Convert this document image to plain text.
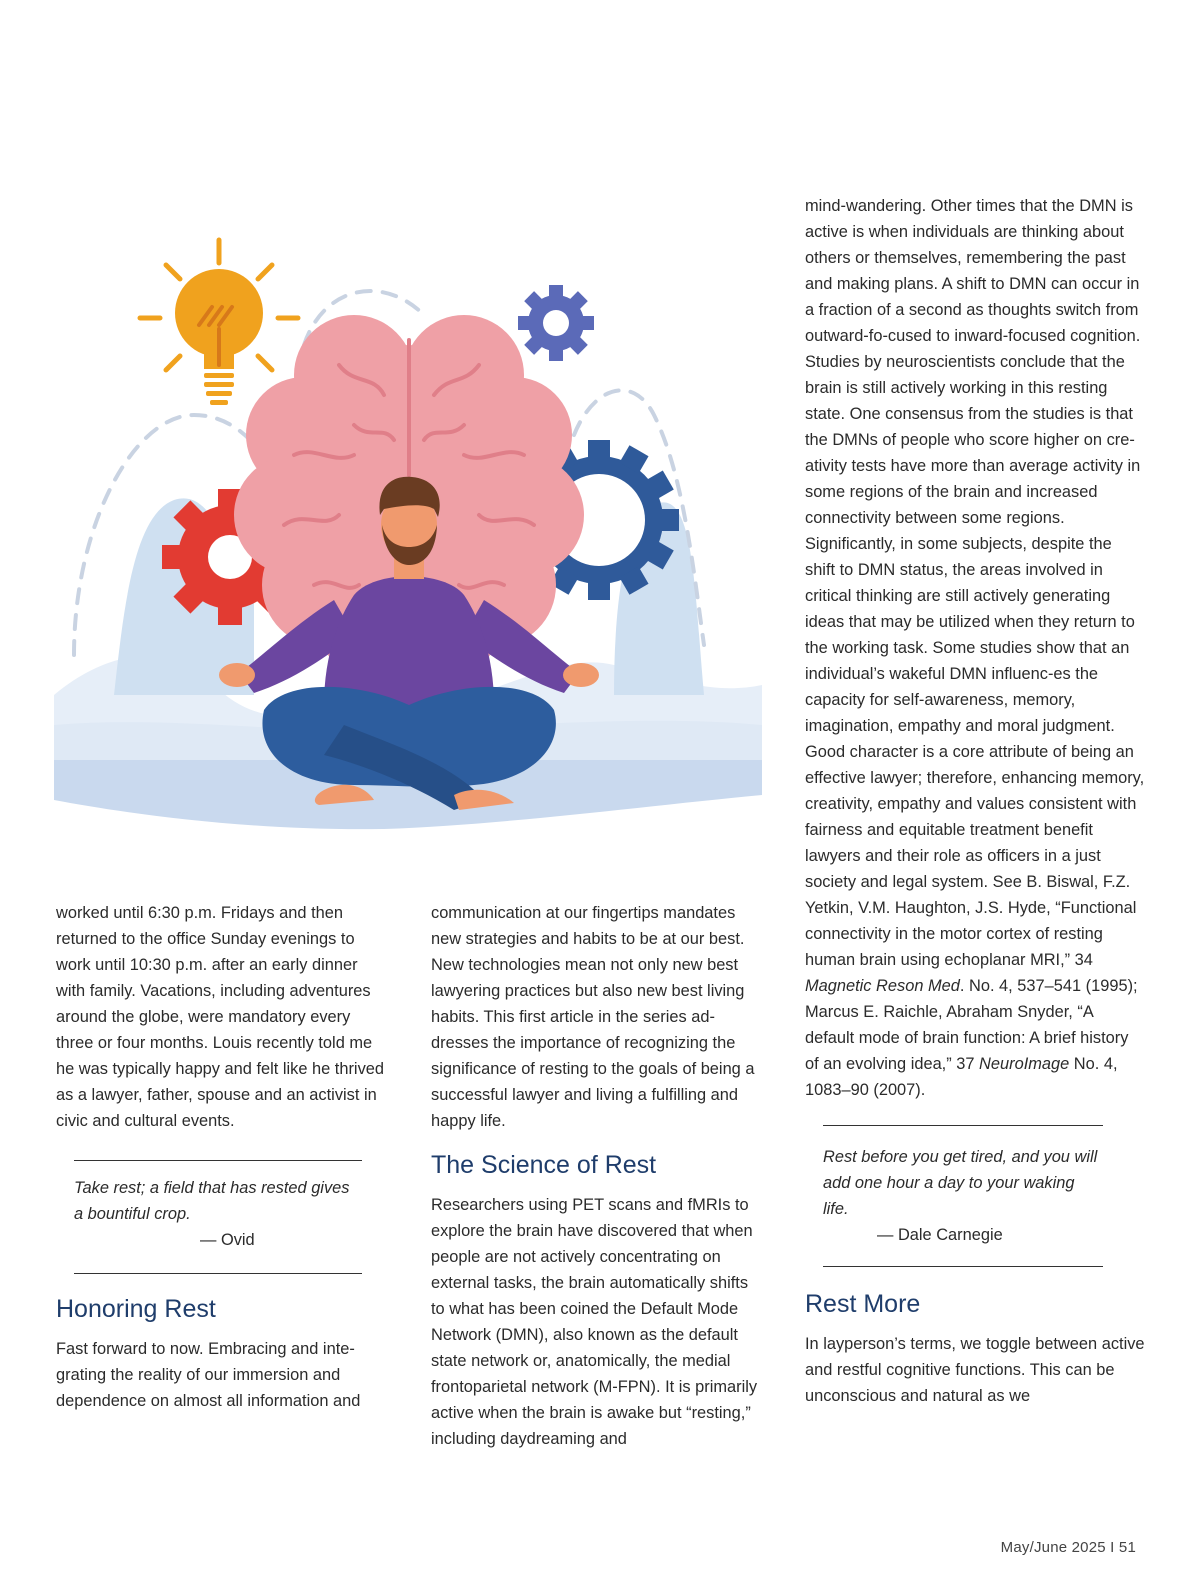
worked until 6:30 p.m. Fridays and then returned to the office Sunday evenings to work until 10:30 p.m. after an early dinner with family. Vacations, including adventures around the globe, were mandatory every three or four months. Louis recently told me he was typically happy and felt like he thrived as a lawyer, father, spouse and an activist in civic and cultural events.

Take rest; a field that has rested gives a bountiful crop.

— Ovid

Honoring Rest

Fast forward to now. Embracing and inte-grating the reality of our immersion and dependence on almost all information and

communication at our fingertips mandates new strategies and habits to be at our best. New technologies mean not only new best lawyering practices but also new best living habits. This first article in the series ad-dresses the importance of recognizing the significance of resting to the goals of being a successful lawyer and living a fulfilling and happy life.

The Science of Rest

Researchers using PET scans and fMRIs to explore the brain have discovered that when people are not actively concentrating on external tasks, the brain automatically shifts to what has been coined the Default Mode Network (DMN), also known as the default state network or, anatomically, the medial frontoparietal network (M-FPN). It is primarily active when the brain is awake but “resting,” including daydreaming and

mind-wandering. Other times that the DMN is active is when individuals are thinking about others or themselves, remembering the past and making plans. A shift to DMN can occur in a fraction of a second as thoughts switch from outward-fo-cused to inward-focused cognition. Studies by neuroscientists conclude that the brain is still actively working in this resting state. One consensus from the studies is that the DMNs of people who score higher on cre-ativity tests have more than average activity in some regions of the brain and increased connectivity between some regions. Significantly, in some subjects, despite the shift to DMN status, the areas involved in critical thinking are still actively generating ideas that may be utilized when they return to the working task. Some studies show that an individual’s wakeful DMN influenc-es the capacity for self-awareness, memory, imagination, empathy and moral judgment. Good character is a core attribute of being an effective lawyer; therefore, enhancing memory, creativity, empathy and values consistent with fairness and equitable treatment benefit lawyers and their role as officers in a just society and legal system. See B. Biswal, F.Z. Yetkin, V.M. Haughton, J.S. Hyde, “Functional connectivity in the motor cortex of resting human brain using echoplanar MRI,” 34 Magnetic Reson Med. No. 4, 537–541 (1995); Marcus E. Raichle, Abraham Snyder, “A default mode of brain function: A brief history of an evolving idea,” 37 NeuroImage No. 4, 1083–90 (2007).

Rest before you get tired, and you will add one hour a day to your waking life.

— Dale Carnegie

Rest More

In layperson’s terms, we toggle between active and restful cognitive functions. This can be unconscious and natural as we

May/June 2025 I 51
